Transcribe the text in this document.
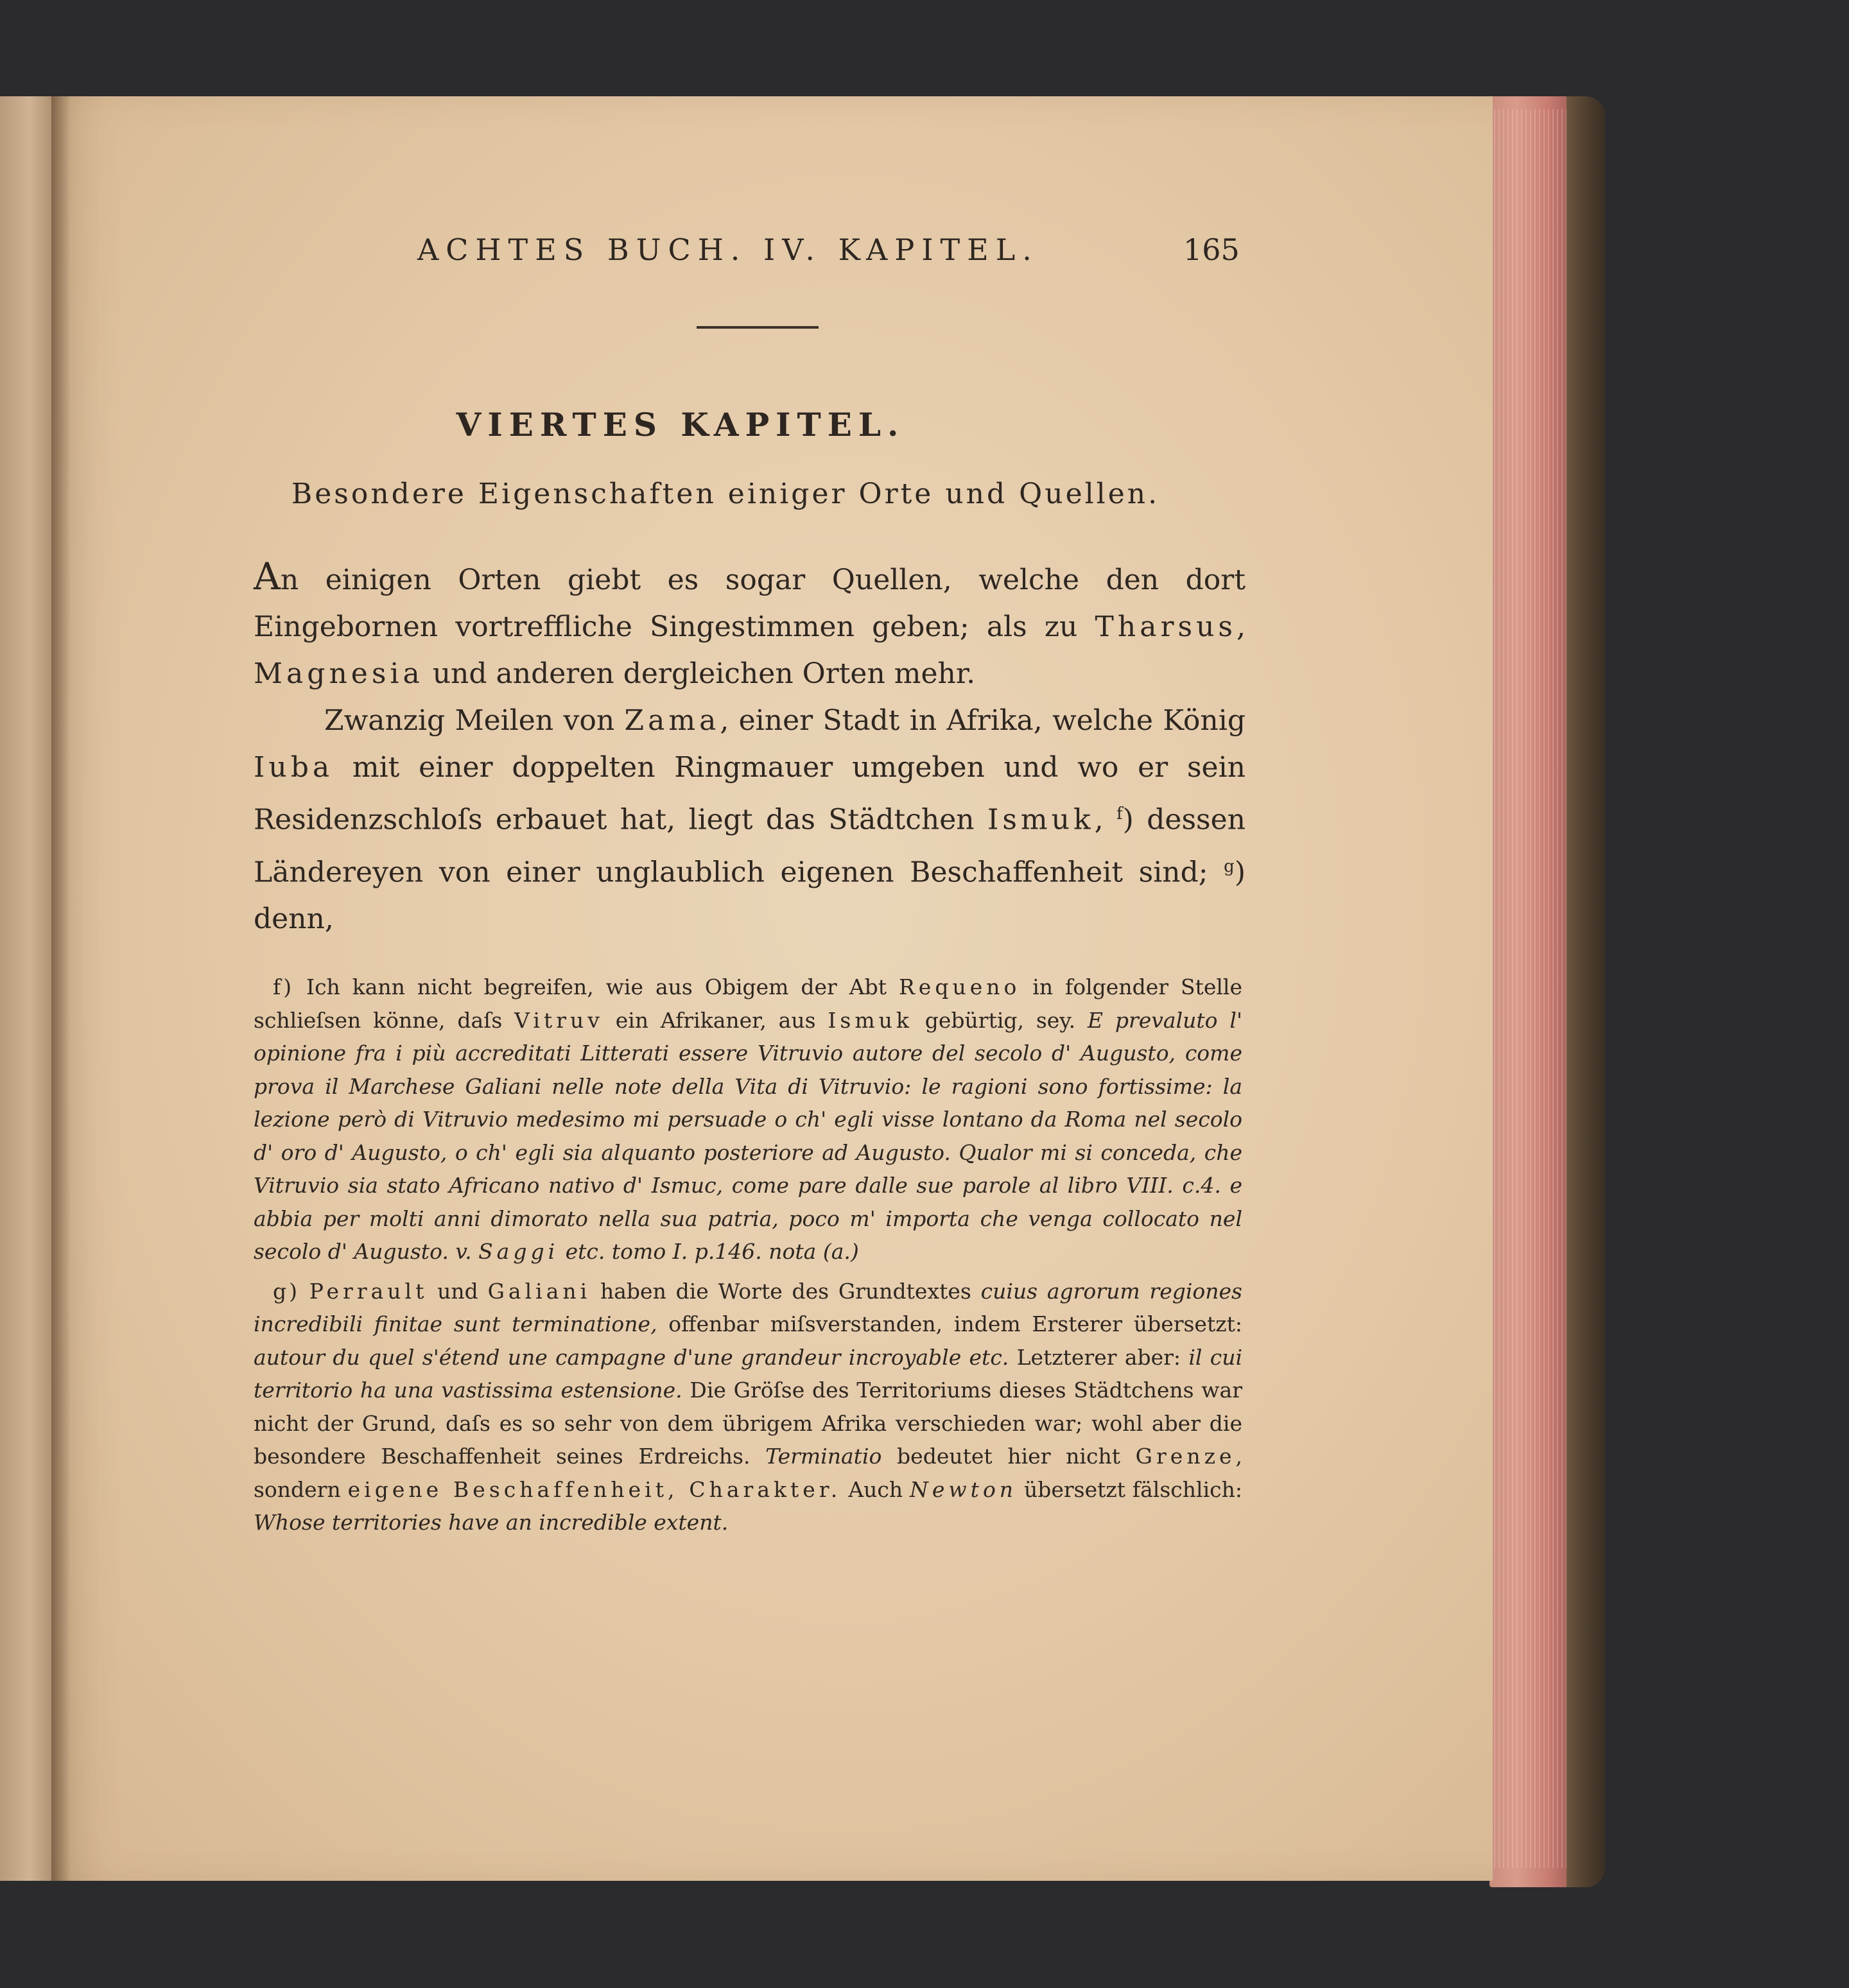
ACHTES BUCH. IV. KAPITEL.	165
VIERTES KAPITEL.
Besondere Eigenschaften einiger Orte und Quellen.

An einigen Orten giebt es sogar Quellen, welche den dort Eingebornen vortreffliche Singestimmen geben; als zu Tharsus, Magnesia und anderen dergleichen Orten mehr.

Zwanzig Meilen von Zama, einer Stadt in Afrika, welche König Iuba mit einer doppelten Ringmauer umgeben und wo er sein Residenzschloſs erbauet hat, liegt das Städtchen Ismuk, $^f$) dessen Ländereyen von einer unglaublich eigenen Beschaffenheit sind; $^g$) denn,

f) Ich kann nicht begreifen, wie aus Obigem der Abt Requeno in folgender Stelle schlieſsen könne, daſs Vitruv ein Afrikaner, aus Ismuk gebürtig, sey. E prevaluto l' opinione fra i più accreditati Litterati essere Vitruvio autore del secolo d' Augusto, come prova il Marchese Galiani nelle note della Vita di Vitruvio: le ragioni sono fortissime: la lezione però di Vitruvio medesimo mi persuade o ch' egli visse lontano da Roma nel secolo d' oro d' Augusto, o ch' egli sia alquanto posteriore ad Augusto. Qualor mi si conceda, che Vitruvio sia stato Africano nativo d' Ismuc, come pare dalle sue parole al libro VIII. c.4. e abbia per molti anni dimorato nella sua patria, poco m' importa che venga collocato nel secolo d' Augusto. v. Saggi etc. tomo I. p.146. nota (a.)

g) Perrault und Galiani haben die Worte des Grundtextes cuius agrorum regiones incredibili finitae sunt terminatione, offenbar miſsverstanden, indem Ersterer übersetzt: autour du quel s'étend une campagne d'une grandeur incroyable etc. Letzterer aber: il cui territorio ha una vastissima estensione. Die Gröſse des Territoriums dieses Städtchens war nicht der Grund, daſs es so sehr von dem übrigem Afrika verschieden war; wohl aber die besondere Beschaffenheit seines Erdreichs. Terminatio bedeutet hier nicht Grenze, sondern eigene Beschaffenheit, Charakter. Auch Newton übersetzt fälschlich: Whose territories have an incredible extent.
